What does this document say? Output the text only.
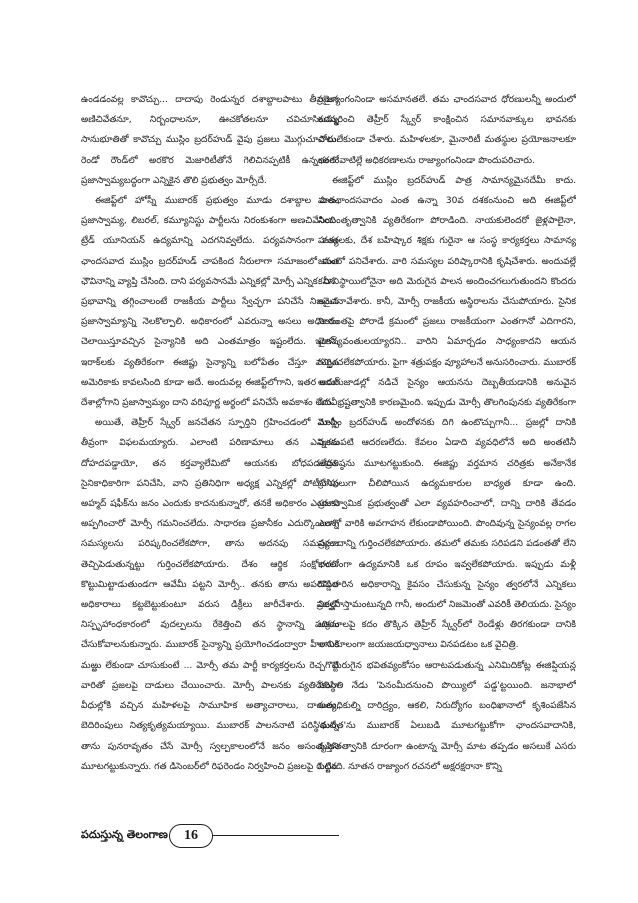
ఉండడంవల్ల కావొచ్చు... దాదాపు రెండున్నర దశాబ్దాలపాటు తీవ్రమైన అణిచివేతనూ, నిర్బంధాలనూ, ఊచకోతలనూ చవిచూసిందన్న సానుభూతితో కావొచ్చు ముస్లిం బ్రదర్‌హుడ్ వైపు ప్రజలు మొగ్గుచూపారు. రెండో రౌండ్‌లో అరకొర మెజారిటీతోనే గెలిచినప్పటికీ ఉన్నంతలో ప్రజాస్వామ్యబద్ధంగా ఎన్నికైన తొలి ప్రభుత్వం మోర్సీదే.

ఈజిప్ట్‌లో హోస్నీ ముబారక్ ప్రభుత్వం మూడు దశాబ్దాల పాటు ప్రజాస్వామ్య, లిబరల్, కమ్యూనిస్టు పార్టీలను నిరంకుశంగా అణచివేసింది. ట్రేడ్ యూనియన్ ఉద్యమాన్ని ఎదగనివ్వలేదు. పర్యవసానంగా మత ఛాందసవాద ముస్లిం బ్రదర్‌హుడ్ చాపకింద నీరులాగా సమాజంలో మత ఛౌవినాన్ని వ్యాప్తి చేసింది. దాని పర్యవసానమే ఎన్నికల్లో మోర్సీ ఎన్నిక. దాని ప్రభావాన్ని తగ్గించాలంటే రాజకీయ పార్టీలు స్వేచ్ఛగా పనిచేసే నిజమైన ప్రజాస్వామ్యాన్ని నెలకొల్పాలి. అధికారంలో ఎవరున్నా అసలు అధికారం చెలాయిస్తూవచ్చిన సైన్యానికి అది ఎంతమాత్రం ఇష్టంలేదు. ఇరాన్, ఇరాక్‌లకు వ్యతిరేకంగా ఈజిప్టు సైన్యాన్ని బలోపేతం చేస్తూ వచ్చిన అమెరికాకు కావలసింది కూడా అదే. అందువల్ల ఈజిప్ట్‌లోగాని, ఇతర అరబ్ దేశాల్లోగాని ప్రజాస్వామ్యం దాని వరిపూర్ణ అర్థంలో పనిచేసే అవకాశం లేదు.

అయితే, తెహ్రీర్ స్క్వేర్ జనచేతన స్ఫూర్తిని గ్రహించడంలో మోర్సీ తీవ్రంగా విఫలమయ్యారు. ఎలాంటి పరిణామాలు తన ఎన్నికకు దోహదపడ్డాయో, తన కర్తవ్యాలేమిటో ఆయనకు బోధపడలేదు. సైనికాధికారిగా పనిచేసి, వాని ప్రతినిధిగా అధ్యక్ష ఎన్నికల్లో పోటీచేసిన అహ్మద్ షఫీక్‌ను జనం ఎందుకు కాదనుకున్నారో, తనకే అధికారం ఎందుకు అప్పగించారో మోర్సీ గమనించలేదు. సాధారణ ప్రజానీకం ఎదుర్కొంటున్న సమస్యలను పరిష్కరించలేకపోగా, తాను అదనపు సమస్యలు తెచ్చిపెడుతున్నట్టు గుర్తించలేకపోయారు. దేశం ఆర్థిక సంక్షోభంలో కొట్టుమిట్టాడుతుండగా ఆవేమీ పట్టని మోర్సీ.. తనకు తాను అపరిమిత అధికారాలు కట్టబెట్టుకుంటూ వరుస డిక్రీలు జారీచేశారు. ప్రజల్లో నిస్పృహాంధకారంలో వుదల్పలను రేకెత్తించి తన స్థానాన్ని పదిలం చేసుకోవాలనుకున్నారు. ముబారక్ సైన్యాన్ని ప్రయోగించడంద్వారా హీరానికి మఱ్ఱు లేకుండా చూసుకుంటే ... మోర్సీ తమ పార్టీ కార్యకర్తలను రెచ్చగొట్టి వారితో ప్రజలపై దాడులు చేయించారు. మోర్సీ పాలనకు వ్యతిరేకంగా వీధుల్లోకి వచ్చిన మహిళలపై సామూహిక అత్యాచారాలు, దాడులు, బెదిరింపులు నిత్యకృత్యమయ్యాయి. ముబారక్ పాలననాటి పరిస్థితుల్నే తాను పునరావృతం చేసే మోర్సీ స్వల్పకాలంలోనే జనం అసంతృప్తిని మూటగట్టుకున్నారు. గత డిసెంబర్‌లో రిఫరెండం నిర్వహించి ప్రజలపై రుద్దిన

రాజ్యాంగంనిండా అసమానతలే. తమ ఛాందసవాద ధోరణులన్నీ అందులో కుమ్మరించి తెహ్రీర్ స్క్వేర్ కాంక్షించిన సమానవాక్కుల భావనకు చోటులేకుండా చేశారు. మహిళలకూ, మైనారిటీ మతస్థుల ప్రయోజనాలకూ భంగంవాటిల్లే అధికరణాలను రాజ్యాంగంనిండా పొందుపరిచారు.

ఈజిప్ట్‌లో ముస్లిం బ్రదర్‌హుడ్ పాత్ర సామాన్యమైనదేమీ కాదు. మతఛాందసవాదం ఎంత ఉన్నా 30వ దశకంనుంచి అది ఈజిప్ట్‌లో నియంతృత్వానికి వ్యతిరేకంగా పోరాడింది. నాయకులెందరో జైళ్లపాలైనా, హత్యలకు, దేశ బహిష్కార శిక్షకు గురైనా ఆ సంస్థ కార్యకర్తలు సామాన్య జనంలో పనిచేశారు. వారి సమస్యల పరిష్కారానికి కృషిచేశారు. అందువల్లే కనీస స్థాయిలోనైనా అది మెరుగైన పాలన అందించగలుగుతుందని కొందరు అంచనావేశారు. కానీ, మోర్సీ రాజకీయ అస్థిరాలను చేసుపోయారు. సైనిక నియంతపై పోరాడే క్రమంలో ప్రజలు రాజకీయంగా ఎంతగానో ఎదిగారని, చైతన్యవంతులయ్యారని.. వారిని ఏమార్చడం సాధ్యంకాదని ఆయన గుర్తించలేకపోయారు. పైగా శత్రుపక్షం వ్యూహాలనే అనుసరించారు. ముబారక్ అడుగుజాడల్లో నడిచే సైన్యం ఆయనను దెబ్బతీయడానికి అనువైన పదవీభ్రష్టత్వానికి కారణమైంది. ఇప్పుడు మోర్సీ తొలగింపునకు వ్యతిరేకంగా ముస్లిం బ్రదర్‌హుడ్ అందోళనకు దిగి ఉంటొచ్చుగానీ... ప్రజల్లో దానికి మునుపటి ఆదరణలేదు. కేవలం ఏడాది వ్యవధిలోనే అది అంతటినీ అప్రతిష్ఠను మూటగట్టుకుంది. ఈజిప్టు వర్తమాన చరిత్రకు అనేకానేక గ్రూపులుగా చీలిపోయిన ఉద్యమకారుల బాధ్యత కూడా ఉంది. ప్రజాస్వామిక ప్రభుత్వంతో ఎలా వ్యవహరించాలో, దాన్ని దారికి తేవడం ఎలాగో వారికి అవగాహన లేకుండాపోయింది. పొందివున్న సైన్యంవల్ల రాగల ప్రమాదాన్ని గుర్తించలేకపోయారు. తమలో తమకు సరిపడని పడంతతో లేని కారణంగా ఉద్యమానికి ఒక రూపం ఇవ్వలేకపోయారు. ఇప్పుడు మళ్లీ దొడ్డిదారిన అధికారాన్ని కైవసం చేసుకున్న సైన్యం త్వరలోనే ఎన్నికలు నిర్వహిస్తామంటున్నది గానీ, అందులో నిజమెంతో ఎవరికీ తెలియదు. సైన్యం అక్రమాలపై కదం తొక్కిన తెహ్రీర్ స్క్వేర్‌లో రెండేళ్లు తిరగకుండా దానికి అనుకూలంగా జయజయధ్వానాలు వినపడటం ఒక వైచిత్రి.

మెరుగైన భవితవ్యంకోసం ఆరాటపడుతున్న ఎనిమిదికోట్ల ఈజిప్షియన్ల పరిస్థితి నేడు 'పెనంమీదనుంచి పొయ్యిలో పడ్డ'ట్టయింది. జనాభాలో అత్యధికుల్ని దారిద్ర్యం, ఆకలి, నిరుద్యోగం బంధిఖానాలో కృశింపజేసిన 'ఘనత'ను ముబారక్ ఏలుబడి మూటగట్టుకోగా ఛాందసవాదానికి, మతతత్వానికి దూరంగా ఉంటాన్న మోర్సీ మాట తప్పడం అసలుకే ఎసరు పెట్టింది. నూతన రాజ్యాంగ రచనలో అక్షరక్షరానా కొన్ని

పదుస్తున్న తెలంగాణ	16
